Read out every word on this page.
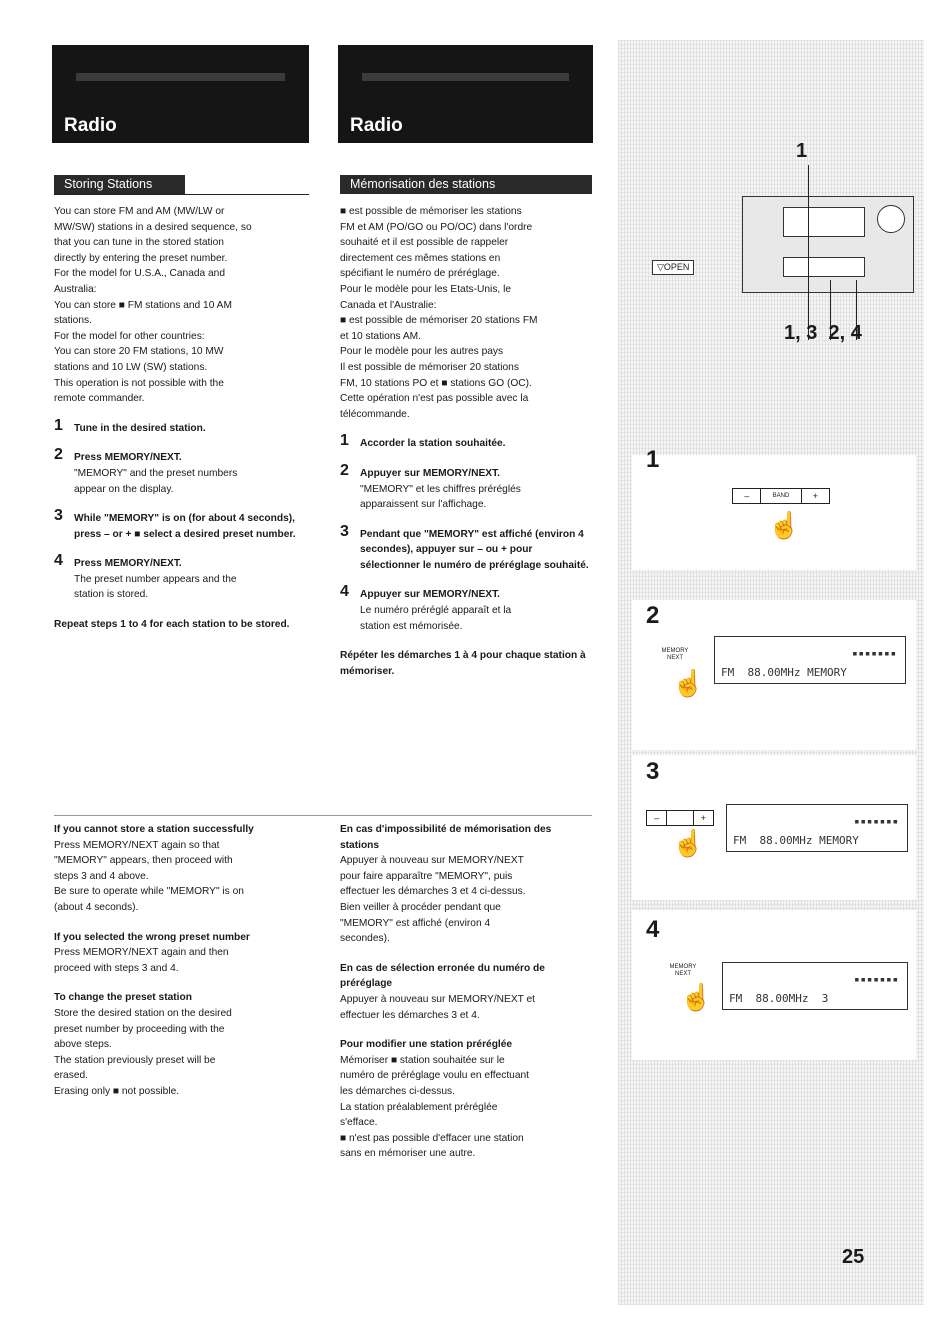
Radio
Storing Stations
You can store FM and AM (MW/LW or
MW/SW) stations in a desired sequence, so
that you can tune in the stored station
directly by entering the preset number.
For the model for U.S.A., Canada and
Australia:
You can store ■ FM stations and 10 AM
stations.
For the model for other countries:
You can store 20 FM stations, 10 MW
stations and 10 LW (SW) stations.
This operation is not possible with the
remote commander.
1 Tune in the desired station.
2 Press MEMORY/NEXT.
"MEMORY" and the preset numbers
appear on the display.
3 While "MEMORY" is on (for about 4 seconds), press – or + ■ select a desired preset number.
4 Press MEMORY/NEXT.
The preset number appears and the
station is stored.
Repeat steps 1 to 4 for each station to be stored.
If you cannot store a station successfully
Press MEMORY/NEXT again so that
"MEMORY" appears, then proceed with
steps 3 and 4 above.
Be sure to operate while "MEMORY" is on
(about 4 seconds).
If you selected the wrong preset number
Press MEMORY/NEXT again and then
proceed with steps 3 and 4.
To change the preset station
Store the desired station on the desired
preset number by proceeding with the
above steps.
The station previously preset will be
erased.
Erasing only ■ not possible.
Radio
Mémorisation des stations
■ est possible de mémoriser les stations
FM et AM (PO/GO ou PO/OC) dans l'ordre
souhaité et il est possible de rappeler
directement ces mêmes stations en
spécifiant le numéro de préréglage.
Pour le modèle pour les Etats-Unis, le
Canada et l'Australie:
■ est possible de mémoriser 20 stations FM
et 10 stations AM.
Pour le modèle pour les autres pays
Il est possible de mémoriser 20 stations
FM, 10 stations PO et ■ stations GO (OC).
Cette opération n'est pas possible avec la
télécommande.
1 Accorder la station souhaitée.
2 Appuyer sur MEMORY/NEXT.
"MEMORY" et les chiffres préréglés
apparaissent sur l'affichage.
3 Pendant que "MEMORY" est affiché (environ 4 secondes), appuyer sur – ou + pour sélectionner le numéro de préréglage souhaité.
4 Appuyer sur MEMORY/NEXT.
Le numéro préréglé apparaît et la
station est mémorisée.
Répéter les démarches 1 à 4 pour chaque station à mémoriser.
En cas d'impossibilité de mémorisation des stations
Appuyer à nouveau sur MEMORY/NEXT
pour faire apparaître "MEMORY", puis
effectuer les démarches 3 et 4 ci-dessus.
Bien veiller à procéder pendant que
"MEMORY" est affiché (environ 4
secondes).
En cas de sélection erronée du numéro de préréglage
Appuyer à nouveau sur MEMORY/NEXT et
effectuer les démarches 3 et 4.
Pour modifier une station préréglée
Mémoriser ■ station souhaitée sur le
numéro de préréglage voulu en effectuant
les démarches ci-dessus.
La station préalablement préréglée
s'efface.
■ n'est pas possible d'effacer une station
sans en mémoriser une autre.
▽OPEN
1
1, 3  2, 4
1
–	BAND	+
☝
2
MEMORY NEXT
☝
▪▪▪▪▪▪▪
FM  88.00MHz MEMORY
3
–	+
☝
▪▪▪▪▪▪▪
FM  88.00MHz MEMORY
4
MEMORY NEXT
☝
▪▪▪▪▪▪▪
FM  88.00MHz  3
25
